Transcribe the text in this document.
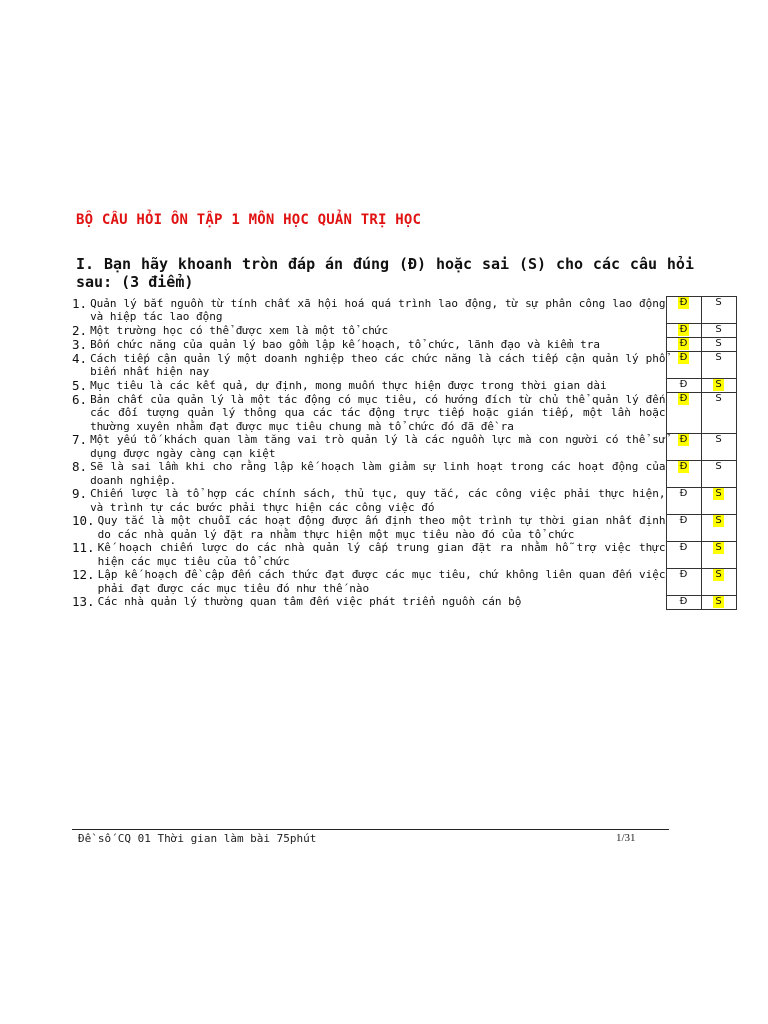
BỘ CÂU HỎI ÔN TẬP 1 MÔN HỌC QUẢN TRỊ HỌC
I. Bạn hãy khoanh tròn đáp án đúng (Đ) hoặc sai (S) cho các câu hỏi sau: (3 điểm)
1. Quản lý bắt nguồn từ tính chất xã hội hoá quá trình lao động, từ sự phân công lao động và hiệp tác lao động	Đ	S

2. Một trường học có thể được xem là một tổ chức	Đ	S

3. Bốn chức năng của quản lý bao gồm lập kế hoạch, tổ chức, lãnh đạo và kiểm tra	Đ	S

4. Cách tiếp cận quản lý một doanh nghiệp theo các chức năng là cách tiếp cận quản lý phổ biến nhất hiện nay	Đ	S

5. Mục tiêu là các kết quả, dự định, mong muốn thực hiện được trong thời gian dài	Đ	S

6. Bản chất của quản lý là một tác động có mục tiêu, có hướng đích từ chủ thể quản lý đến các đối tượng quản lý thông qua các tác động trực tiếp hoặc gián tiếp, một lần hoặc thường xuyên nhằm đạt được mục tiêu chung mà tổ chức đó đã đề ra	Đ	S

7. Một yếu tố khách quan làm tăng vai trò quản lý là các nguồn lực mà con người có thể sử dụng được ngày càng cạn kiệt	Đ	S

8. Sẽ là sai lầm khi cho rằng lập kế hoạch làm giảm sự linh hoạt trong các hoạt động của doanh nghiệp.	Đ	S

9. Chiến lược là tổ hợp các chính sách, thủ tục, quy tắc, các công việc phải thực hiện, và trình tự các bước phải thực hiện các công việc đó	Đ	S

10. Quy tắc là một chuỗi các hoạt động được ấn định theo một trình tự thời gian nhất định do các nhà quản lý đặt ra nhằm thực hiện một mục tiêu nào đó của tổ chức	Đ	S

11. Kế hoạch chiến lược do các nhà quản lý cấp trung gian đặt ra nhằm hỗ trợ việc thực hiện các mục tiêu của tổ chức	Đ	S

12. Lập kế hoạch đề cập đến cách thức đạt được các mục tiêu, chứ không liên quan đến việc phải đạt được các mục tiêu đó như thế nào	Đ	S

13. Các nhà quản lý thường quan tâm đến việc phát triển nguồn cán bộ	Đ	S
Đề số CQ 01 Thời gian làm bài 75phút	1/31
